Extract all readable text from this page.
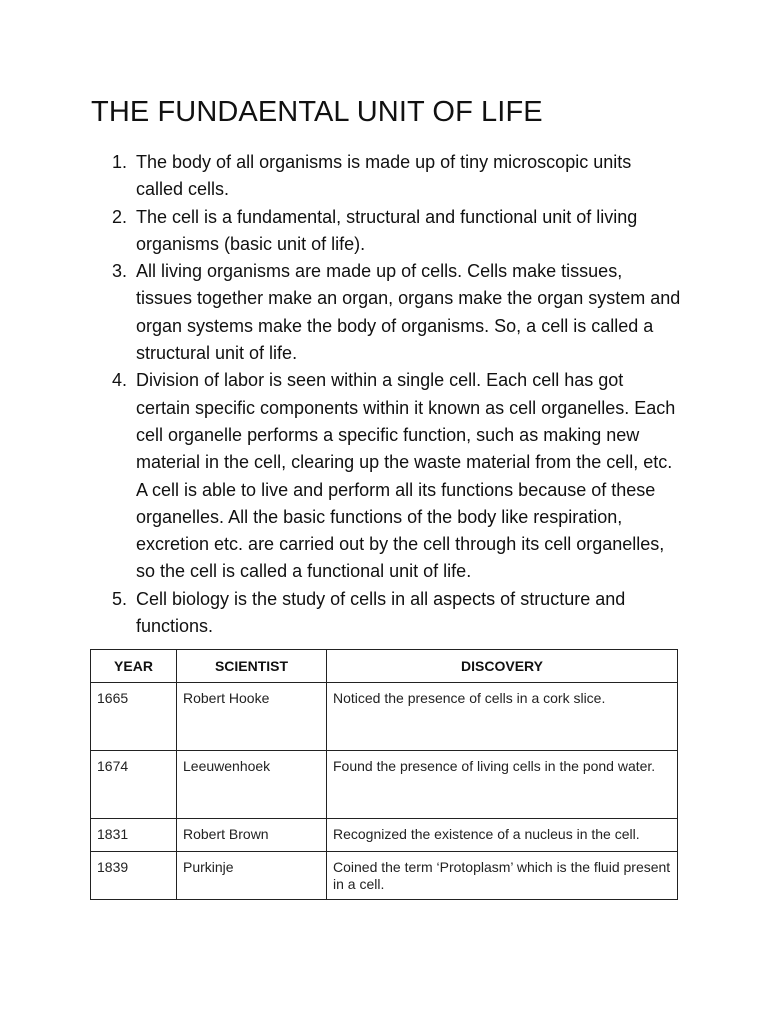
THE FUNDAENTAL UNIT OF LIFE
1. The body of all organisms is made up of tiny microscopic units called cells.
2. The cell is a fundamental, structural and functional unit of living organisms (basic unit of life).
3. All living organisms are made up of cells. Cells make tissues, tissues together make an organ, organs make the organ system and organ systems make the body of organisms. So, a cell is called a structural unit of life.
4. Division of labor is seen within a single cell. Each cell has got certain specific components within it known as cell organelles. Each cell organelle performs a specific function, such as making new material in the cell, clearing up the waste material from the cell, etc. A cell is able to live and perform all its functions because of these organelles. All the basic functions of the body like respiration, excretion etc. are carried out by the cell through its cell organelles, so the cell is called a functional unit of life.
5. Cell biology is the study of cells in all aspects of structure and functions.
YEAR	SCIENTIST	DISCOVERY
1665	Robert Hooke	Noticed the presence of cells in a cork slice.
1674	Leeuwenhoek	Found the presence of living cells in the pond water.
1831	Robert Brown	Recognized the existence of a nucleus in the cell.
1839	Purkinje	Coined the term ‘Protoplasm’ which is the fluid present in a cell.
